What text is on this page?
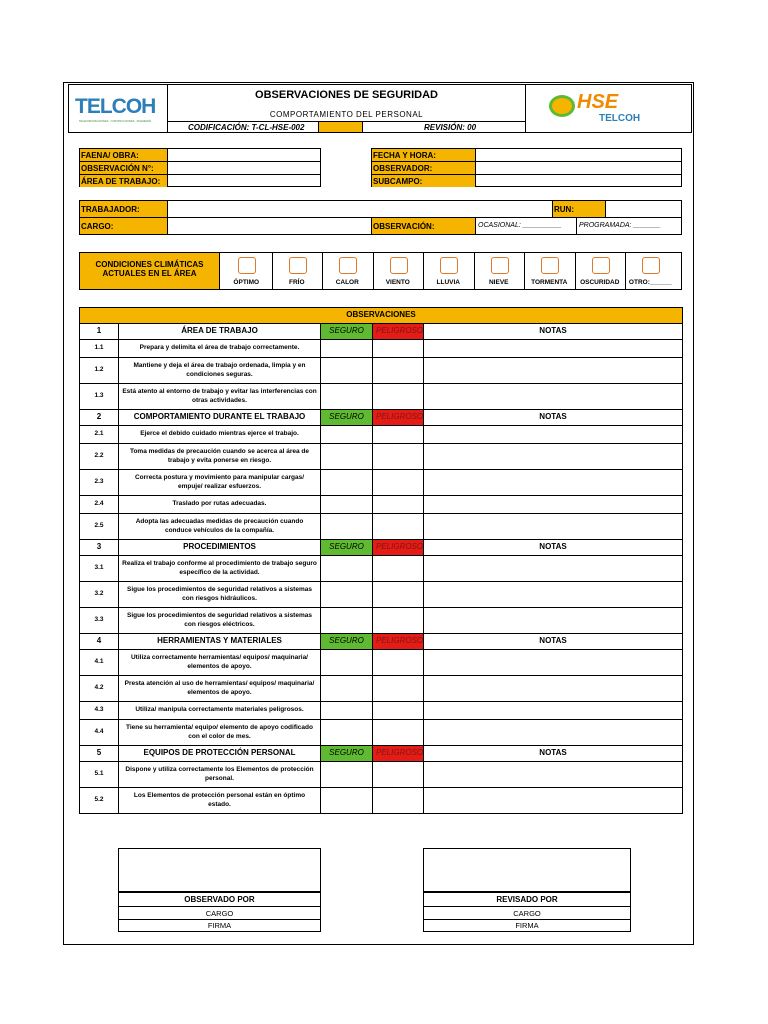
TELCOH
TELECOMUNICACIONES · CONSTRUCCIONES · INGENIERÍA
OBSERVACIONES DE SEGURIDAD
COMPORTAMIENTO DEL PERSONAL
CODIFICACIÓN: T-CL-HSE-002	REVISIÓN: 00
HSE
TELCOH
FAENA/ OBRA:
OBSERVACIÓN N°:
ÁREA DE TRABAJO:
FECHA Y HORA:
OBSERVADOR:
SUBCAMPO:
TRABAJADOR:	RUN:
CARGO:	OBSERVACIÓN:	OCASIONAL: __________	PROGRAMADA: _______
CONDICIONES CLIMÁTICAS ACTUALES EN EL ÁREA
ÓPTIMO	FRÍO	CALOR	VIENTO	LLUVIA	NIEVE	TORMENTA	OSCURIDAD	OTRO:______
OBSERVACIONES				
1	ÁREA DE TRABAJO	SEGURO	PELIGROSO	NOTAS
1.1	Prepara y delimita el área de trabajo correctamente.			
1.2	Mantiene y deja el área de trabajo ordenada, limpia y en condiciones seguras.			
1.3	Está atento al entorno de trabajo y evitar las interferencias con otras actividades.			
2	COMPORTAMIENTO DURANTE EL TRABAJO	SEGURO	PELIGROSO	NOTAS
2.1	Ejerce el debido cuidado mientras ejerce el trabajo.			
2.2	Toma medidas de precaución cuando se acerca al área de trabajo y evita ponerse en riesgo.			
2.3	Correcta postura y movimiento para manipular cargas/ empuje/ realizar esfuerzos.			
2.4	Traslado por rutas adecuadas.			
2.5	Adopta las adecuadas medidas de precaución cuando conduce vehículos de la compañía.			
3	PROCEDIMIENTOS	SEGURO	PELIGROSO	NOTAS
3.1	Realiza el trabajo conforme al procedimiento de trabajo seguro específico de la actividad.			
3.2	Sigue los procedimientos de seguridad relativos a sistemas con riesgos hidráulicos.			
3.3	Sigue los procedimientos de seguridad relativos a sistemas con riesgos eléctricos.			
4	HERRAMIENTAS Y MATERIALES	SEGURO	PELIGROSO	NOTAS
4.1	Utiliza correctamente herramientas/ equipos/ maquinaria/ elementos de apoyo.			
4.2	Presta atención al uso de herramientas/ equipos/ maquinaria/ elementos de apoyo.			
4.3	Utiliza/ manipula correctamente materiales peligrosos.			
4.4	Tiene su herramienta/ equipo/ elemento de apoyo codificado con el color de mes.			
5	EQUIPOS DE PROTECCIÓN PERSONAL	SEGURO	PELIGROSO	NOTAS
5.1	Dispone y utiliza correctamente los Elementos de protección personal.			
5.2	Los Elementos de protección personal están en óptimo estado.			
OBSERVADO POR
CARGO
FIRMA
REVISADO POR
CARGO
FIRMA
